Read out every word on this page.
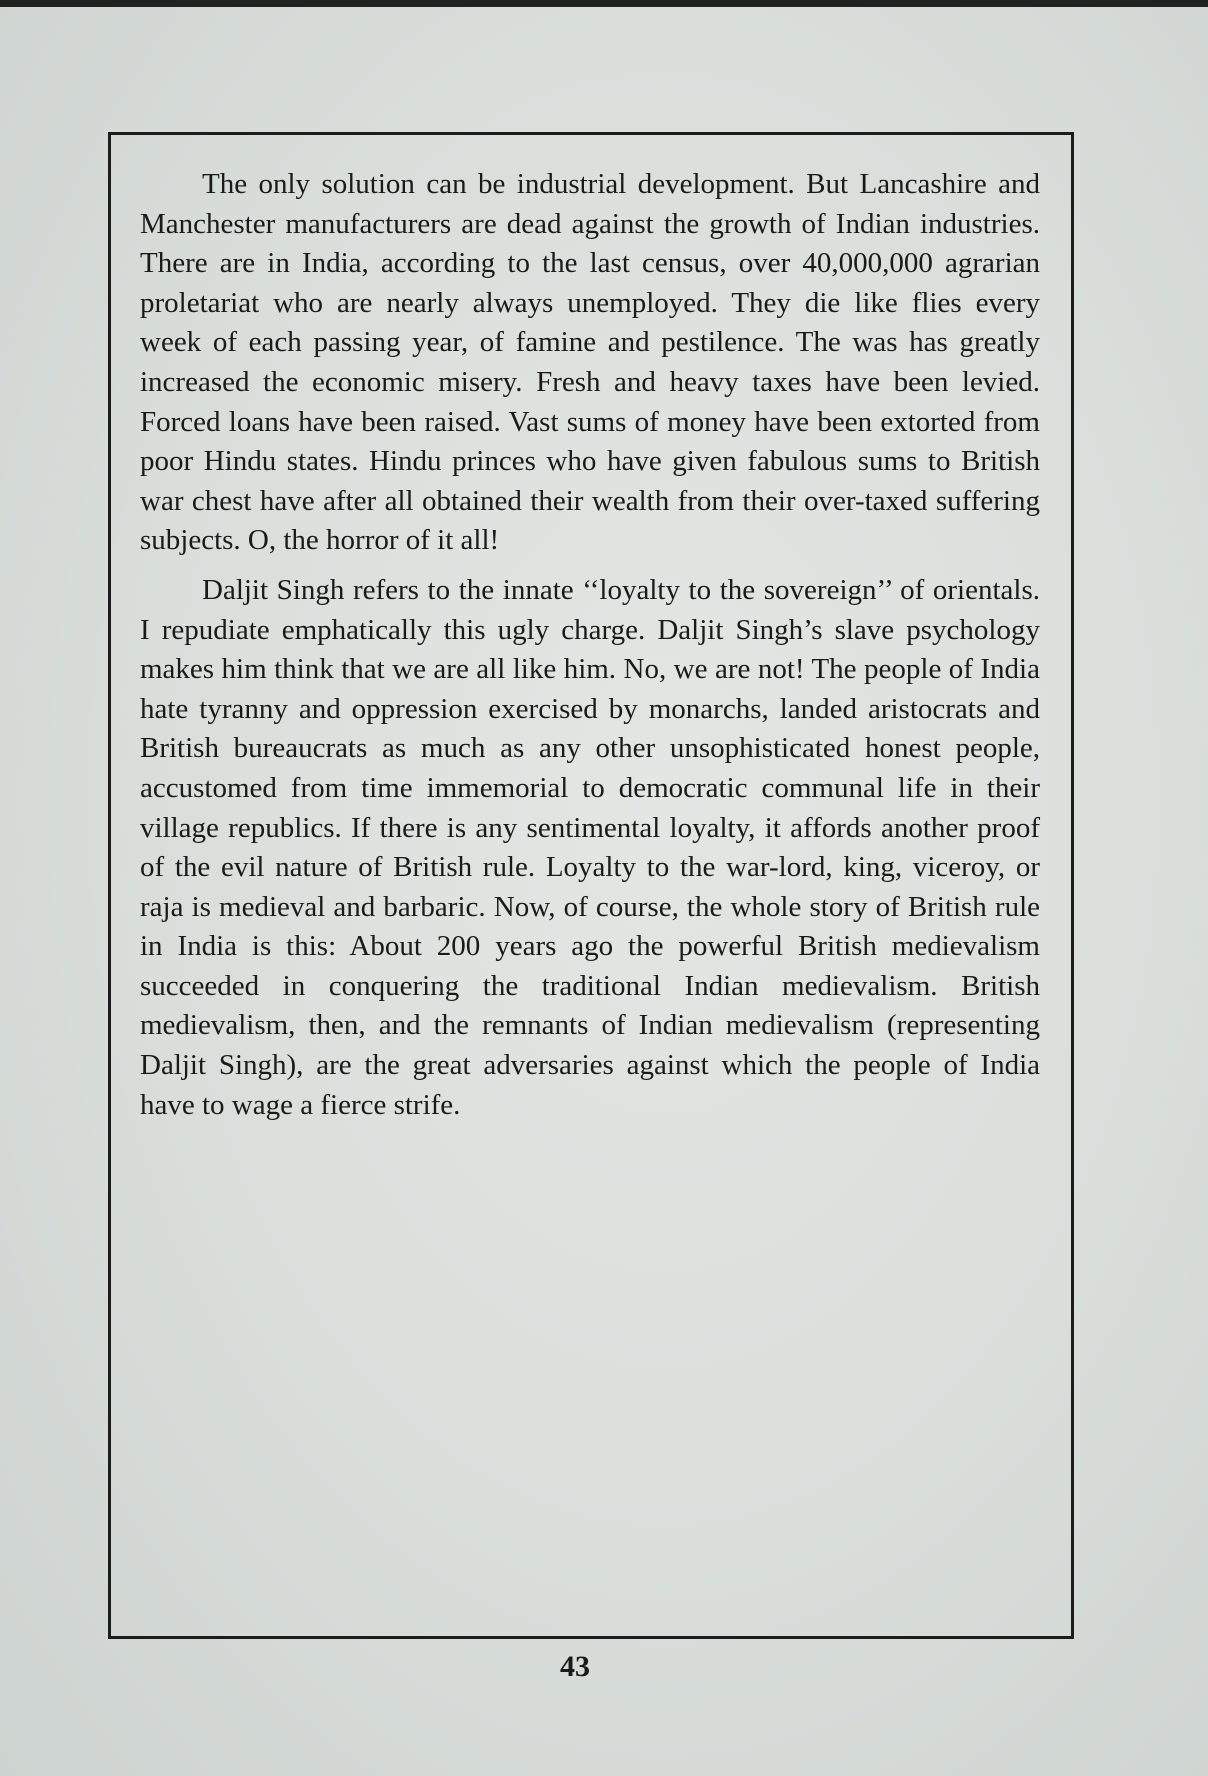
The only solution can be industrial development. But Lancashire and Manchester manufacturers are dead against the growth of Indian industries. There are in India, according to the last census, over 40,000,000 agrarian proletariat who are nearly always unemployed. They die like flies every week of each passing year, of famine and pestilence. The was has greatly increased the economic misery. Fresh and heavy taxes have been levied. Forced loans have been raised. Vast sums of money have been extorted from poor Hindu states. Hindu princes who have given fabulous sums to British war chest have after all obtained their wealth from their over-taxed suffering subjects. O, the horror of it all!

Daljit Singh refers to the innate ‘‘loyalty to the sovereign’’ of orientals. I repudiate emphatically this ugly charge. Daljit Singh’s slave psychology makes him think that we are all like him. No, we are not! The people of India hate tyranny and oppression exercised by monarchs, landed aristocrats and British bureaucrats as much as any other unsophisticated honest people, accustomed from time immemorial to democratic communal life in their village republics. If there is any sentimental loyalty, it affords another proof of the evil nature of British rule. Loyalty to the war-lord, king, viceroy, or raja is medieval and barbaric. Now, of course, the whole story of British rule in India is this: About 200 years ago the powerful British medievalism succeeded in conquering the traditional Indian medievalism. British medievalism, then, and the remnants of Indian medievalism (representing Daljit Singh), are the great adversaries against which the people of India have to wage a fierce strife.

43
